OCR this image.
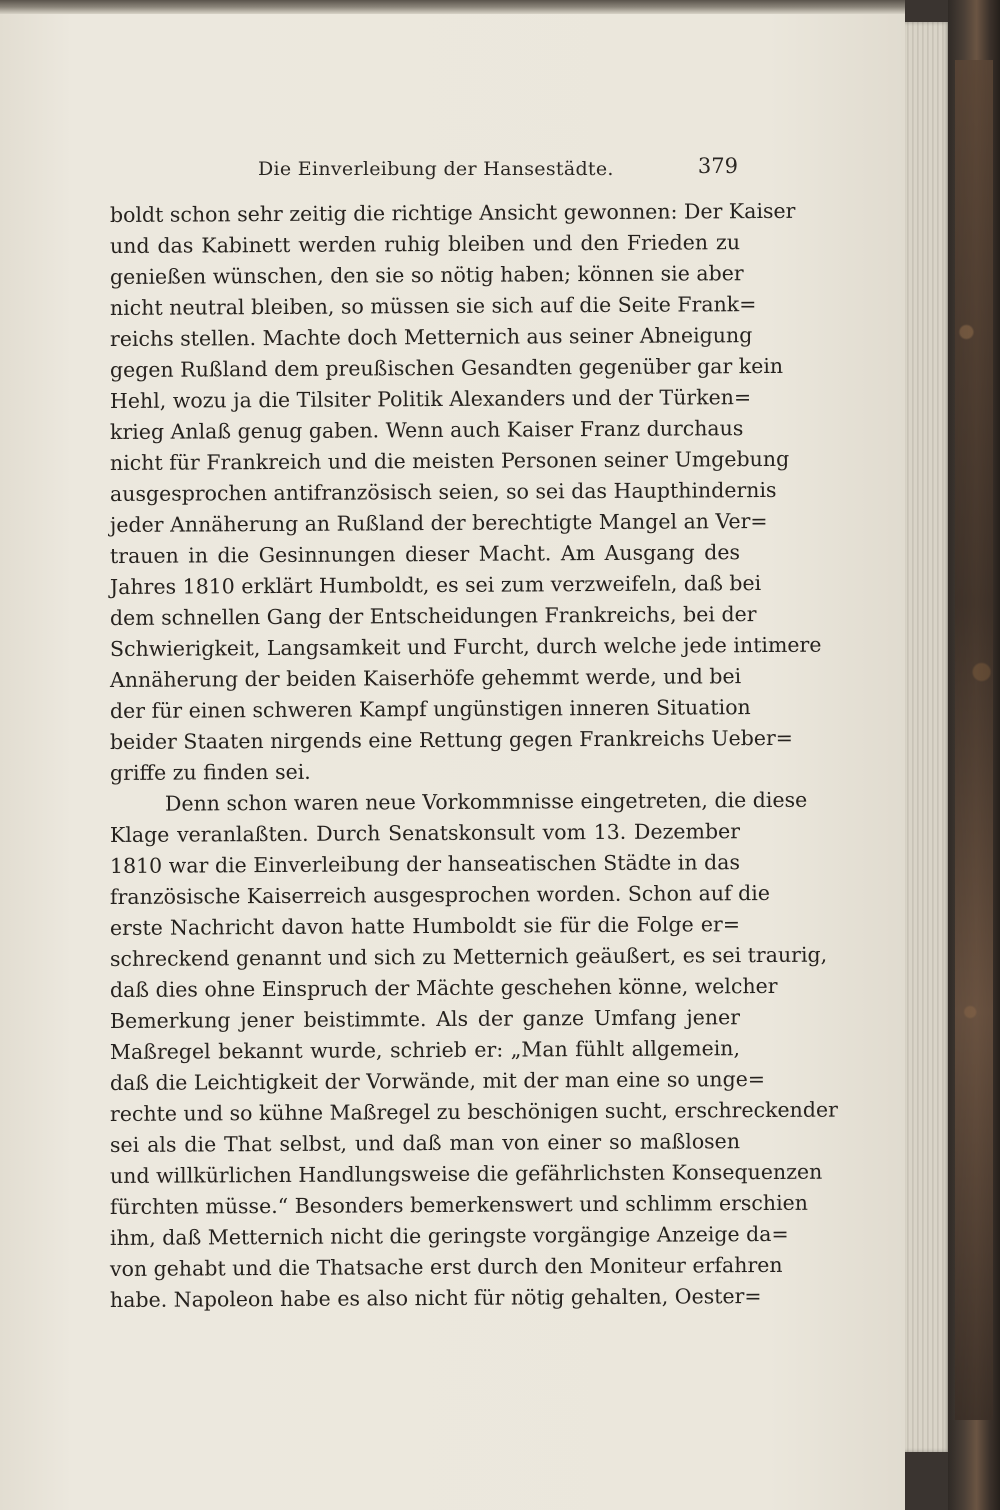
Die Einverleibung der Hansestädte.	379
boldt schon sehr zeitig die richtige Ansicht gewonnen: Der Kaiser
und das Kabinett werden ruhig bleiben und den Frieden zu
genießen wünschen, den sie so nötig haben; können sie aber
nicht neutral bleiben, so müssen sie sich auf die Seite Frank=
reichs stellen. Machte doch Metternich aus seiner Abneigung
gegen Rußland dem preußischen Gesandten gegenüber gar kein
Hehl, wozu ja die Tilsiter Politik Alexanders und der Türken=
krieg Anlaß genug gaben. Wenn auch Kaiser Franz durchaus
nicht für Frankreich und die meisten Personen seiner Umgebung
ausgesprochen antifranzösisch seien, so sei das Haupthindernis
jeder Annäherung an Rußland der berechtigte Mangel an Ver=
trauen in die Gesinnungen dieser Macht. Am Ausgang des
Jahres 1810 erklärt Humboldt, es sei zum verzweifeln, daß bei
dem schnellen Gang der Entscheidungen Frankreichs, bei der
Schwierigkeit, Langsamkeit und Furcht, durch welche jede intimere
Annäherung der beiden Kaiserhöfe gehemmt werde, und bei
der für einen schweren Kampf ungünstigen inneren Situation
beider Staaten nirgends eine Rettung gegen Frankreichs Ueber=
griffe zu finden sei.
Denn schon waren neue Vorkommnisse eingetreten, die diese
Klage veranlaßten. Durch Senatskonsult vom 13. Dezember
1810 war die Einverleibung der hanseatischen Städte in das
französische Kaiserreich ausgesprochen worden. Schon auf die
erste Nachricht davon hatte Humboldt sie für die Folge er=
schreckend genannt und sich zu Metternich geäußert, es sei traurig,
daß dies ohne Einspruch der Mächte geschehen könne, welcher
Bemerkung jener beistimmte. Als der ganze Umfang jener
Maßregel bekannt wurde, schrieb er: „Man fühlt allgemein,
daß die Leichtigkeit der Vorwände, mit der man eine so unge=
rechte und so kühne Maßregel zu beschönigen sucht, erschreckender
sei als die That selbst, und daß man von einer so maßlosen
und willkürlichen Handlungsweise die gefährlichsten Konsequenzen
fürchten müsse.“ Besonders bemerkenswert und schlimm erschien
ihm, daß Metternich nicht die geringste vorgängige Anzeige da=
von gehabt und die Thatsache erst durch den Moniteur erfahren
habe. Napoleon habe es also nicht für nötig gehalten, Oester=
